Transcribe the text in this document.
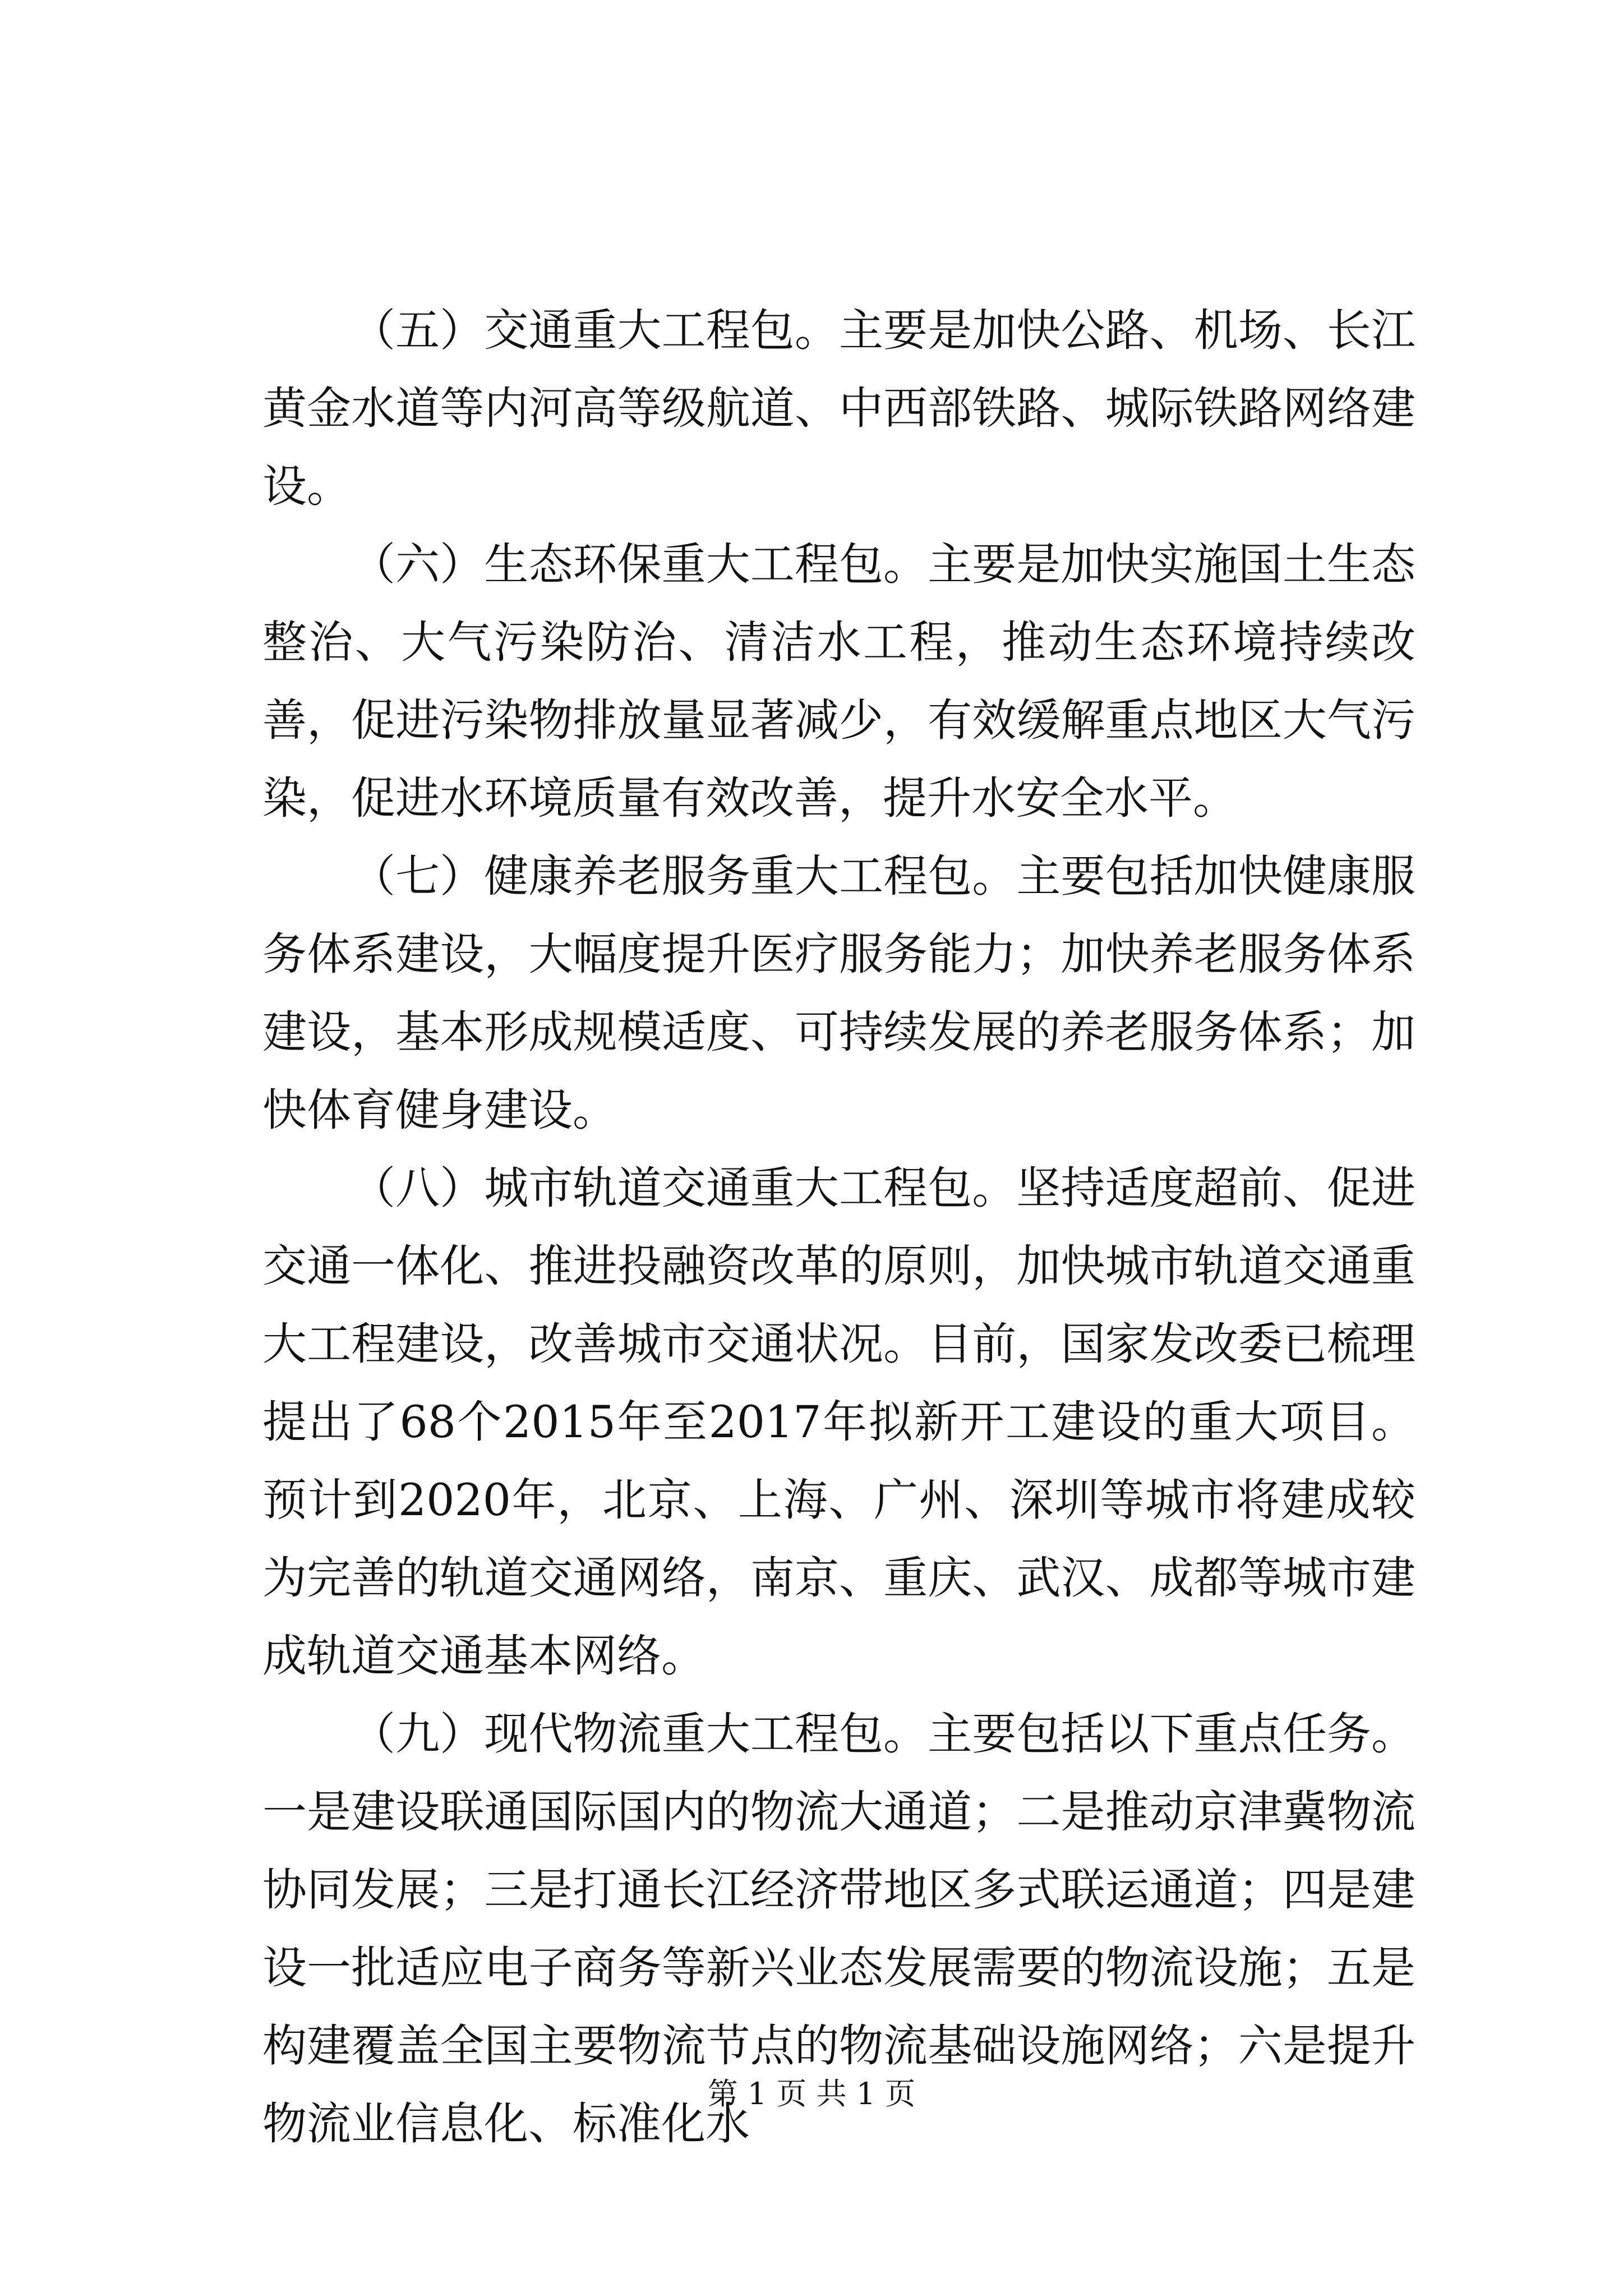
（五）交通重大工程包。主要是加快公路、机场、长江黄金水道等内河高等级航道、中西部铁路、城际铁路网络建设。

（六）生态环保重大工程包。主要是加快实施国土生态整治、大气污染防治、清洁水工程，推动生态环境持续改善，促进污染物排放量显著减少，有效缓解重点地区大气污染，促进水环境质量有效改善，提升水安全水平。

（七）健康养老服务重大工程包。主要包括加快健康服务体系建设，大幅度提升医疗服务能力；加快养老服务体系建设，基本形成规模适度、可持续发展的养老服务体系；加快体育健身建设。

（八）城市轨道交通重大工程包。坚持适度超前、促进交通一体化、推进投融资改革的原则，加快城市轨道交通重大工程建设，改善城市交通状况。目前，国家发改委已梳理提出了68个2015年至2017年拟新开工建设的重大项目。预计到2020年，北京、上海、广州、深圳等城市将建成较为完善的轨道交通网络，南京、重庆、武汉、成都等城市建成轨道交通基本网络。

（九）现代物流重大工程包。主要包括以下重点任务。一是建设联通国际国内的物流大通道；二是推动京津冀物流协同发展；三是打通长江经济带地区多式联运通道；四是建设一批适应电子商务等新兴业态发展需要的物流设施；五是构建覆盖全国主要物流节点的物流基础设施网络；六是提升物流业信息化、标准化水

第 1 页 共 1 页
